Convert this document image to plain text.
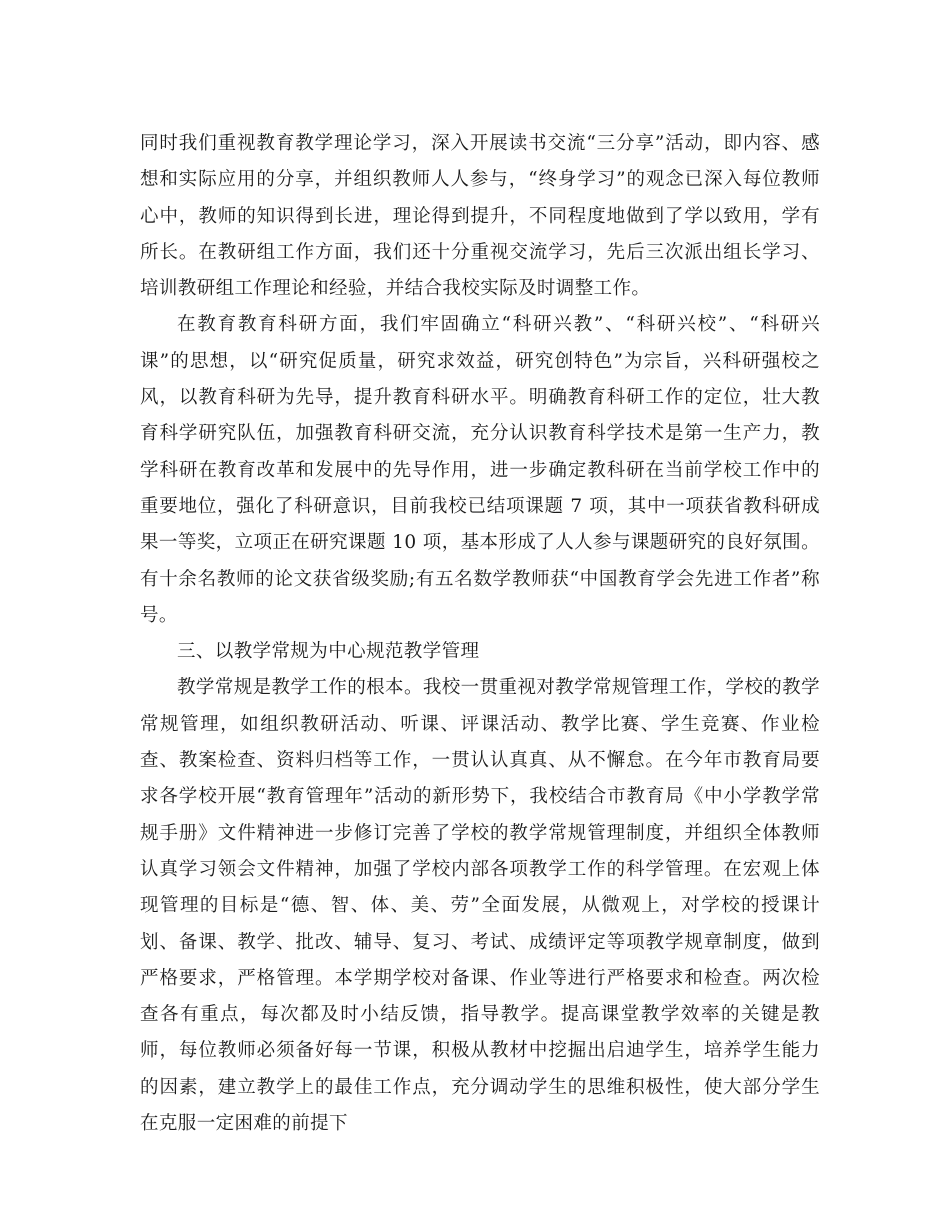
同时我们重视教育教学理论学习，深入开展读书交流“三分享”活动，即内容、感想和实际应用的分享，并组织教师人人参与，“终身学习”的观念已深入每位教师心中，教师的知识得到长进，理论得到提升，不同程度地做到了学以致用，学有所长。在教研组工作方面，我们还十分重视交流学习，先后三次派出组长学习、培训教研组工作理论和经验，并结合我校实际及时调整工作。

在教育教育科研方面，我们牢固确立“科研兴教”、“科研兴校”、“科研兴课”的思想，以“研究促质量，研究求效益，研究创特色”为宗旨，兴科研强校之风，以教育科研为先导，提升教育科研水平。明确教育科研工作的定位，壮大教育科学研究队伍，加强教育科研交流，充分认识教育科学技术是第一生产力，教学科研在教育改革和发展中的先导作用，进一步确定教科研在当前学校工作中的重要地位，强化了科研意识，目前我校已结项课题 7 项，其中一项获省教科研成果一等奖，立项正在研究课题 10 项，基本形成了人人参与课题研究的良好氛围。有十余名教师的论文获省级奖励;有五名数学教师获“中国教育学会先进工作者”称号。

三、以教学常规为中心规范教学管理

教学常规是教学工作的根本。我校一贯重视对教学常规管理工作，学校的教学常规管理，如组织教研活动、听课、评课活动、教学比赛、学生竞赛、作业检查、教案检查、资料归档等工作，一贯认认真真、从不懈怠。在今年市教育局要求各学校开展“教育管理年”活动的新形势下，我校结合市教育局《中小学教学常规手册》文件精神进一步修订完善了学校的教学常规管理制度，并组织全体教师认真学习领会文件精神，加强了学校内部各项教学工作的科学管理。在宏观上体现管理的目标是“德、智、体、美、劳”全面发展，从微观上，对学校的授课计划、备课、教学、批改、辅导、复习、考试、成绩评定等项教学规章制度，做到严格要求，严格管理。本学期学校对备课、作业等进行严格要求和检查。两次检查各有重点，每次都及时小结反馈，指导教学。提高课堂教学效率的关键是教师，每位教师必须备好每一节课，积极从教材中挖掘出启迪学生，培养学生能力的因素，建立教学上的最佳工作点，充分调动学生的思维积极性，使大部分学生在克服一定困难的前提下
